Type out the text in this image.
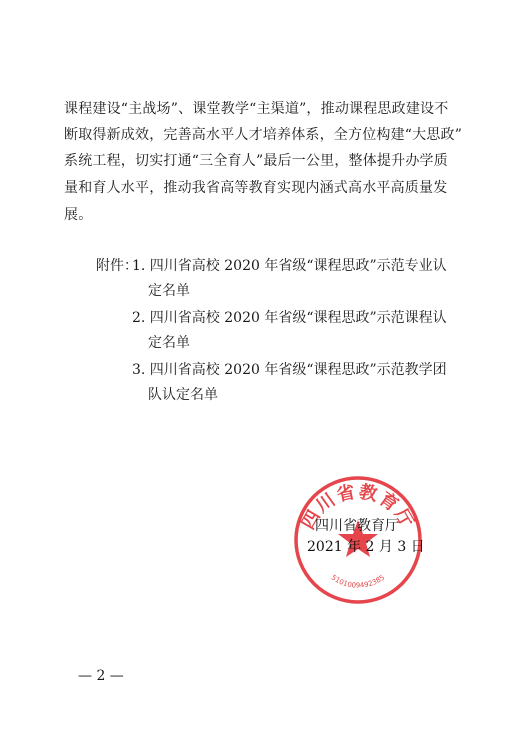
课程建设“主战场”、课堂教学“主渠道”，推动课程思政建设不
断取得新成效，完善高水平人才培养体系，全方位构建“大思政”
系统工程，切实打通“三全育人”最后一公里，整体提升办学质
量和育人水平，推动我省高等教育实现内涵式高水平高质量发
展。
附件：
1. 四川省高校 2020 年省级“课程思政”示范专业认
定名单
2. 四川省高校 2020 年省级“课程思政”示范课程认
定名单
3. 四川省高校 2020 年省级“课程思政”示范教学团
队认定名单
四川省教育厅
5101009492385
四川省教育厅
2021 年 2 月 3 日
— 2 —
